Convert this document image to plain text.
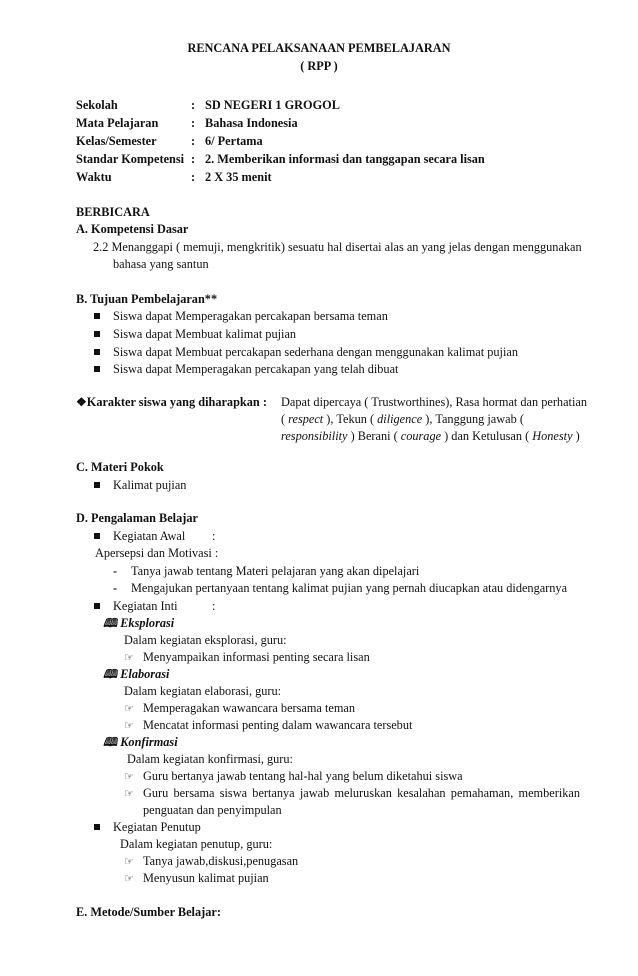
RENCANA PELAKSANAAN PEMBELAJARAN
( RPP )
Sekolah	: SD NEGERI 1 GROGOL
Mata Pelajaran	: Bahasa Indonesia
Kelas/Semester	: 6/ Pertama
Standar Kompetensi : 2. Memberikan informasi dan tanggapan secara lisan
Waktu	: 2 X 35 menit
BERBICARA
A. Kompetensi Dasar
2.2 Menanggapi ( memuji, mengkritik) sesuatu hal disertai alas an yang jelas dengan menggunakan
bahasa yang santun
B. Tujuan Pembelajaran**
Siswa dapat Memperagakan percakapan bersama teman
Siswa dapat Membuat kalimat pujian
Siswa dapat Membuat percakapan sederhana dengan menggunakan kalimat pujian
Siswa dapat Memperagakan percakapan yang telah dibuat
❖Karakter siswa yang diharapkan : Dapat dipercaya ( Trustworthines), Rasa hormat dan perhatian
( respect ), Tekun ( diligence ), Tanggung jawab (
responsibility ) Berani ( courage ) dan Ketulusan ( Honesty )
C. Materi Pokok
Kalimat pujian
D. Pengalaman Belajar
Kegiatan Awal :
Apersepsi dan Motivasi :
- Tanya jawab tentang Materi pelajaran yang akan dipelajari
- Mengajukan pertanyaan tentang kalimat pujian yang pernah diucapkan atau didengarnya
Kegiatan Inti	:
🕮 Eksplorasi
Dalam kegiatan eksplorasi, guru:
☞ Menyampaikan informasi penting secara lisan
🕮 Elaborasi
Dalam kegiatan elaborasi, guru:
☞ Memperagakan wawancara bersama teman
☞ Mencatat informasi penting dalam wawancara tersebut
🕮 Konfirmasi
Dalam kegiatan konfirmasi, guru:
☞ Guru bertanya jawab tentang hal-hal yang belum diketahui siswa
☞ Guru bersama siswa bertanya jawab meluruskan kesalahan pemahaman, memberikan
penguatan dan penyimpulan
Kegiatan Penutup
Dalam kegiatan penutup, guru:
☞ Tanya jawab,diskusi,penugasan
☞ Menyusun kalimat pujian
E. Metode/Sumber Belajar:
